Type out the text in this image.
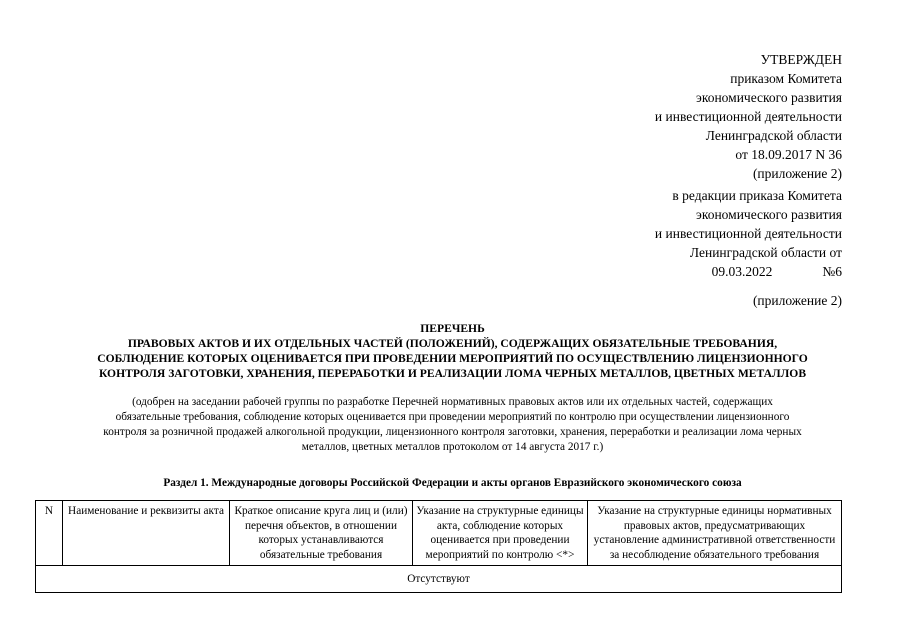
УТВЕРЖДЕН
приказом Комитета
экономического развития
и инвестиционной деятельности
Ленинградской области
от 18.09.2017 N 36
(приложение 2)
в редакции приказа Комитета
экономического развития
и инвестиционной деятельности
Ленинградской области от
09.03.2022	№6
(приложение 2)
ПЕРЕЧЕНЬ
ПРАВОВЫХ АКТОВ И ИХ ОТДЕЛЬНЫХ ЧАСТЕЙ (ПОЛОЖЕНИЙ), СОДЕРЖАЩИХ ОБЯЗАТЕЛЬНЫЕ ТРЕБОВАНИЯ,
СОБЛЮДЕНИЕ КОТОРЫХ ОЦЕНИВАЕТСЯ ПРИ ПРОВЕДЕНИИ МЕРОПРИЯТИЙ ПО ОСУЩЕСТВЛЕНИЮ ЛИЦЕНЗИОННОГО
КОНТРОЛЯ ЗАГОТОВКИ, ХРАНЕНИЯ, ПЕРЕРАБОТКИ И РЕАЛИЗАЦИИ ЛОМА ЧЕРНЫХ МЕТАЛЛОВ, ЦВЕТНЫХ МЕТАЛЛОВ
(одобрен на заседании рабочей группы по разработке Перечней нормативных правовых актов или их отдельных частей, содержащих
обязательные требования, соблюдение которых оценивается при проведении мероприятий по контролю при осуществлении лицензионного
контроля за розничной продажей алкогольной продукции, лицензионного контроля заготовки, хранения, переработки и реализации лома черных
металлов, цветных металлов протоколом от 14 августа 2017 г.)
Раздел 1. Международные договоры Российской Федерации и акты органов Евразийского экономического союза
N	Наименование и реквизиты акта	Краткое описание круга лиц и (или) перечня объектов, в отношении которых устанавливаются обязательные требования	Указание на структурные единицы акта, соблюдение которых оценивается при проведении мероприятий по контролю <*>	Указание на структурные единицы нормативных правовых актов, предусматривающих установление административной ответственности за несоблюдение обязательного требования
Отсутствуют
